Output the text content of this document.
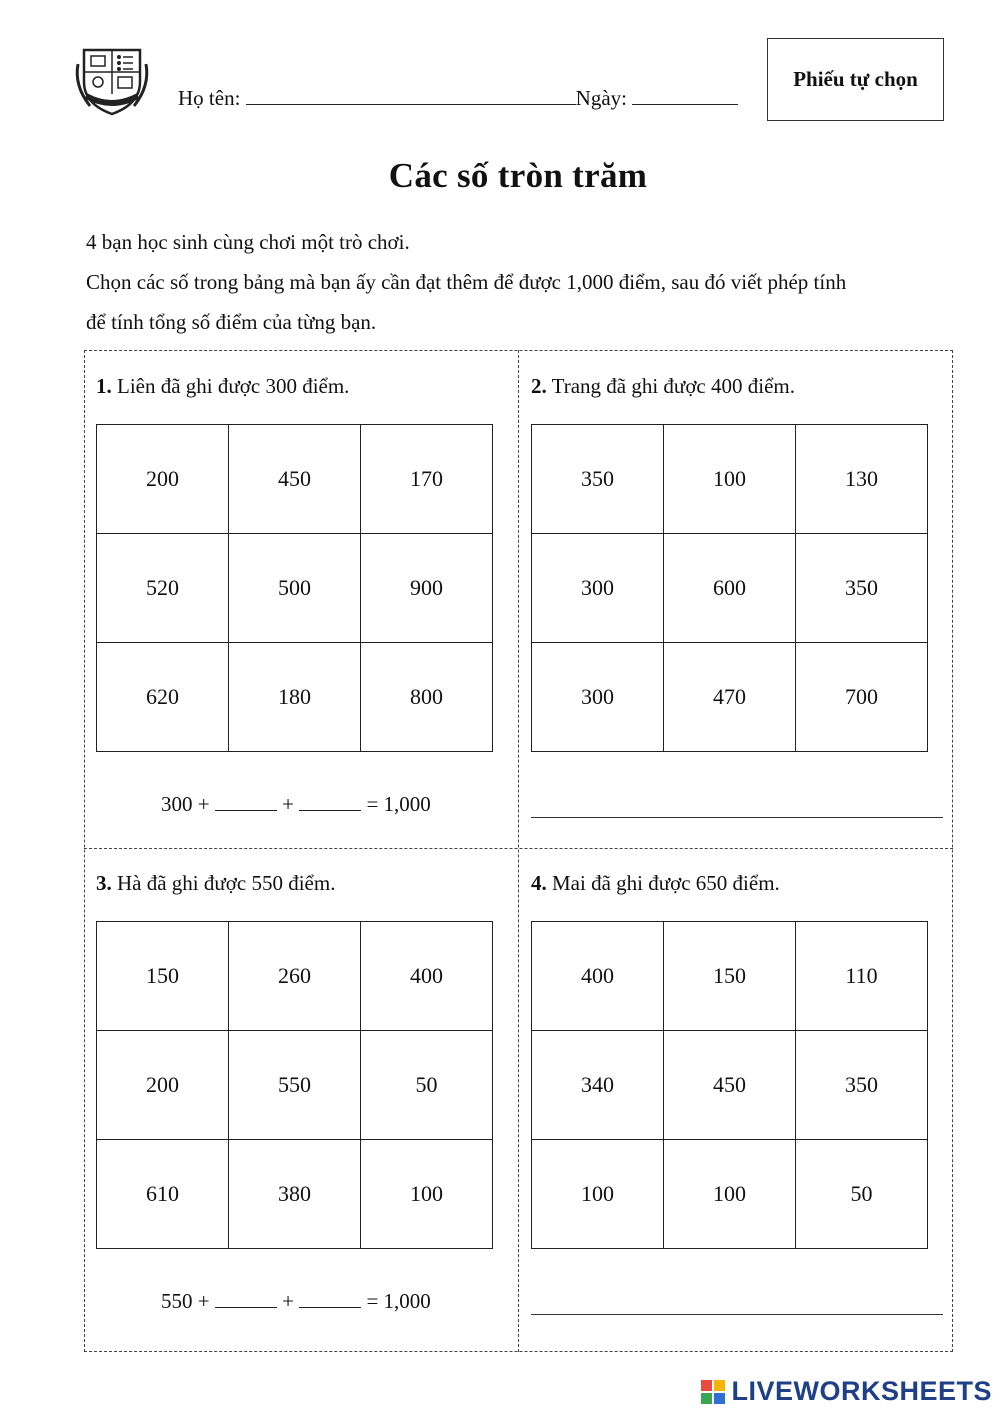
Họ tên:	Ngày:
Phiếu tự chọn
Các số tròn trăm
4 bạn học sinh cùng chơi một trò chơi.
Chọn các số trong bảng mà bạn ấy cần đạt thêm để được 1,000 điểm, sau đó viết phép tính
để tính tổng số điểm của từng bạn.
1. Liên đã ghi được 300 điểm.
200	450	170
520	500	900
620	180	800
300 +	+	= 1,000
2. Trang đã ghi được 400 điểm.
350	100	130
300	600	350
300	470	700
3. Hà đã ghi được 550 điểm.
150	260	400
200	550	50
610	380	100
550 +	+	= 1,000
4. Mai đã ghi được 650 điểm.
400	150	110
340	450	350
100	100	50
LIVEWORKSHEETS
